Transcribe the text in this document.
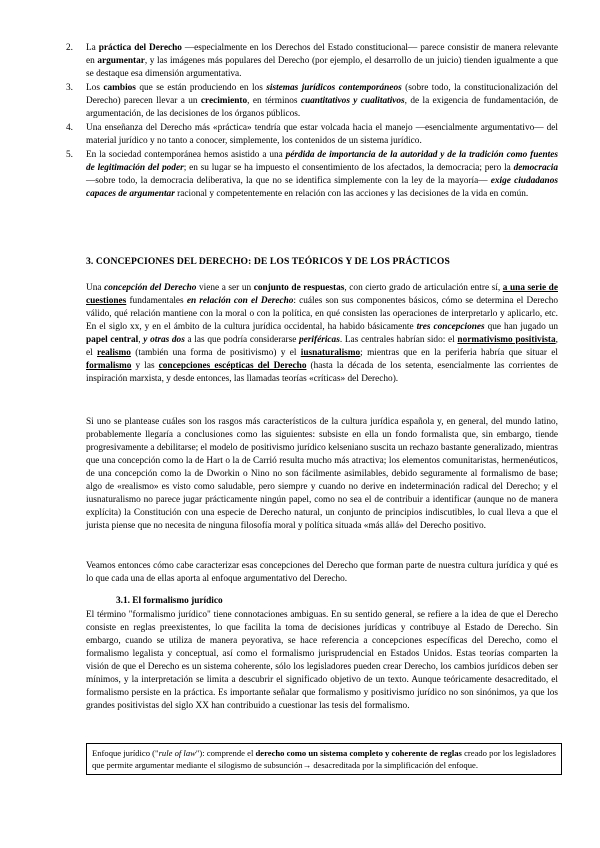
2. La práctica del Derecho —especialmente en los Derechos del Estado constitucional— parece consistir de manera relevante en argumentar, y las imágenes más populares del Derecho (por ejemplo, el desarrollo de un juicio) tienden igualmente a que se destaque esa dimensión argumentativa.
3. Los cambios que se están produciendo en los sistemas jurídicos contemporáneos (sobre todo, la constitucionalización del Derecho) parecen llevar a un crecimiento, en términos cuantitativos y cualitativos, de la exigencia de fundamentación, de argumentación, de las decisiones de los órganos públicos.
4. Una enseñanza del Derecho más «práctica» tendría que estar volcada hacia el manejo —esencialmente argumentativo— del material jurídico y no tanto a conocer, simplemente, los contenidos de un sistema jurídico.
5. En la sociedad contemporánea hemos asistido a una pérdida de importancia de la autoridad y de la tradición como fuentes de legitimación del poder; en su lugar se ha impuesto el consentimiento de los afectados, la democracia; pero la democracia —sobre todo, la democracia deliberativa, la que no se identifica simplemente con la ley de la mayoría— exige ciudadanos capaces de argumentar racional y competentemente en relación con las acciones y las decisiones de la vida en común.
3. CONCEPCIONES DEL DERECHO: DE LOS TEÓRICOS Y DE LOS PRÁCTICOS

Una concepción del Derecho viene a ser un conjunto de respuestas, con cierto grado de articulación entre sí, a una serie de cuestiones fundamentales en relación con el Derecho: cuáles son sus componentes básicos, cómo se determina el Derecho válido, qué relación mantiene con la moral o con la política, en qué consisten las operaciones de interpretarlo y aplicarlo, etc. En el siglo xx, y en el ámbito de la cultura jurídica occidental, ha habido básicamente tres concepciones que han jugado un papel central, y otras dos a las que podría considerarse periféricas. Las centrales habrían sido: el normativismo positivista, el realismo (también una forma de positivismo) y el iusnaturalismo; mientras que en la periferia habría que situar el formalismo y las concepciones escépticas del Derecho (hasta la década de los setenta, esencialmente las corrientes de inspiración marxista, y desde entonces, las llamadas teorías «críticas» del Derecho).

Si uno se plantease cuáles son los rasgos más característicos de la cultura jurídica española y, en general, del mundo latino, probablemente llegaría a conclusiones como las siguientes: subsiste en ella un fondo formalista que, sin embargo, tiende progresivamente a debilitarse; el modelo de positivismo jurídico kelseniano suscita un rechazo bastante generalizado, mientras que una concepción como la de Hart o la de Carrió resulta mucho más atractiva; los elementos comunitaristas, hermenéuticos, de una concepción como la de Dworkin o Nino no son fácilmente asimilables, debido seguramente al formalismo de base; algo de «realismo» es visto como saludable, pero siempre y cuando no derive en indeterminación radical del Derecho; y el iusnaturalismo no parece jugar prácticamente ningún papel, como no sea el de contribuir a identificar (aunque no de manera explícita) la Constitución con una especie de Derecho natural, un conjunto de principios indiscutibles, lo cual lleva a que el jurista piense que no necesita de ninguna filosofía moral y política situada «más allá» del Derecho positivo.

Veamos entonces cómo cabe caracterizar esas concepciones del Derecho que forman parte de nuestra cultura jurídica y qué es lo que cada una de ellas aporta al enfoque argumentativo del Derecho.

3.1. El formalismo jurídico

El término "formalismo jurídico" tiene connotaciones ambiguas. En su sentido general, se refiere a la idea de que el Derecho consiste en reglas preexistentes, lo que facilita la toma de decisiones jurídicas y contribuye al Estado de Derecho. Sin embargo, cuando se utiliza de manera peyorativa, se hace referencia a concepciones específicas del Derecho, como el formalismo legalista y conceptual, así como el formalismo jurisprudencial en Estados Unidos. Estas teorías comparten la visión de que el Derecho es un sistema coherente, sólo los legisladores pueden crear Derecho, los cambios jurídicos deben ser mínimos, y la interpretación se limita a descubrir el significado objetivo de un texto. Aunque teóricamente desacreditado, el formalismo persiste en la práctica. Es importante señalar que formalismo y positivismo jurídico no son sinónimos, ya que los grandes positivistas del siglo XX han contribuido a cuestionar las tesis del formalismo.

Enfoque jurídico ("rule of law"): comprende el derecho como un sistema completo y coherente de reglas creado por los legisladores que permite argumentar mediante el silogismo de subsunción→ desacreditada por la simplificación del enfoque.
